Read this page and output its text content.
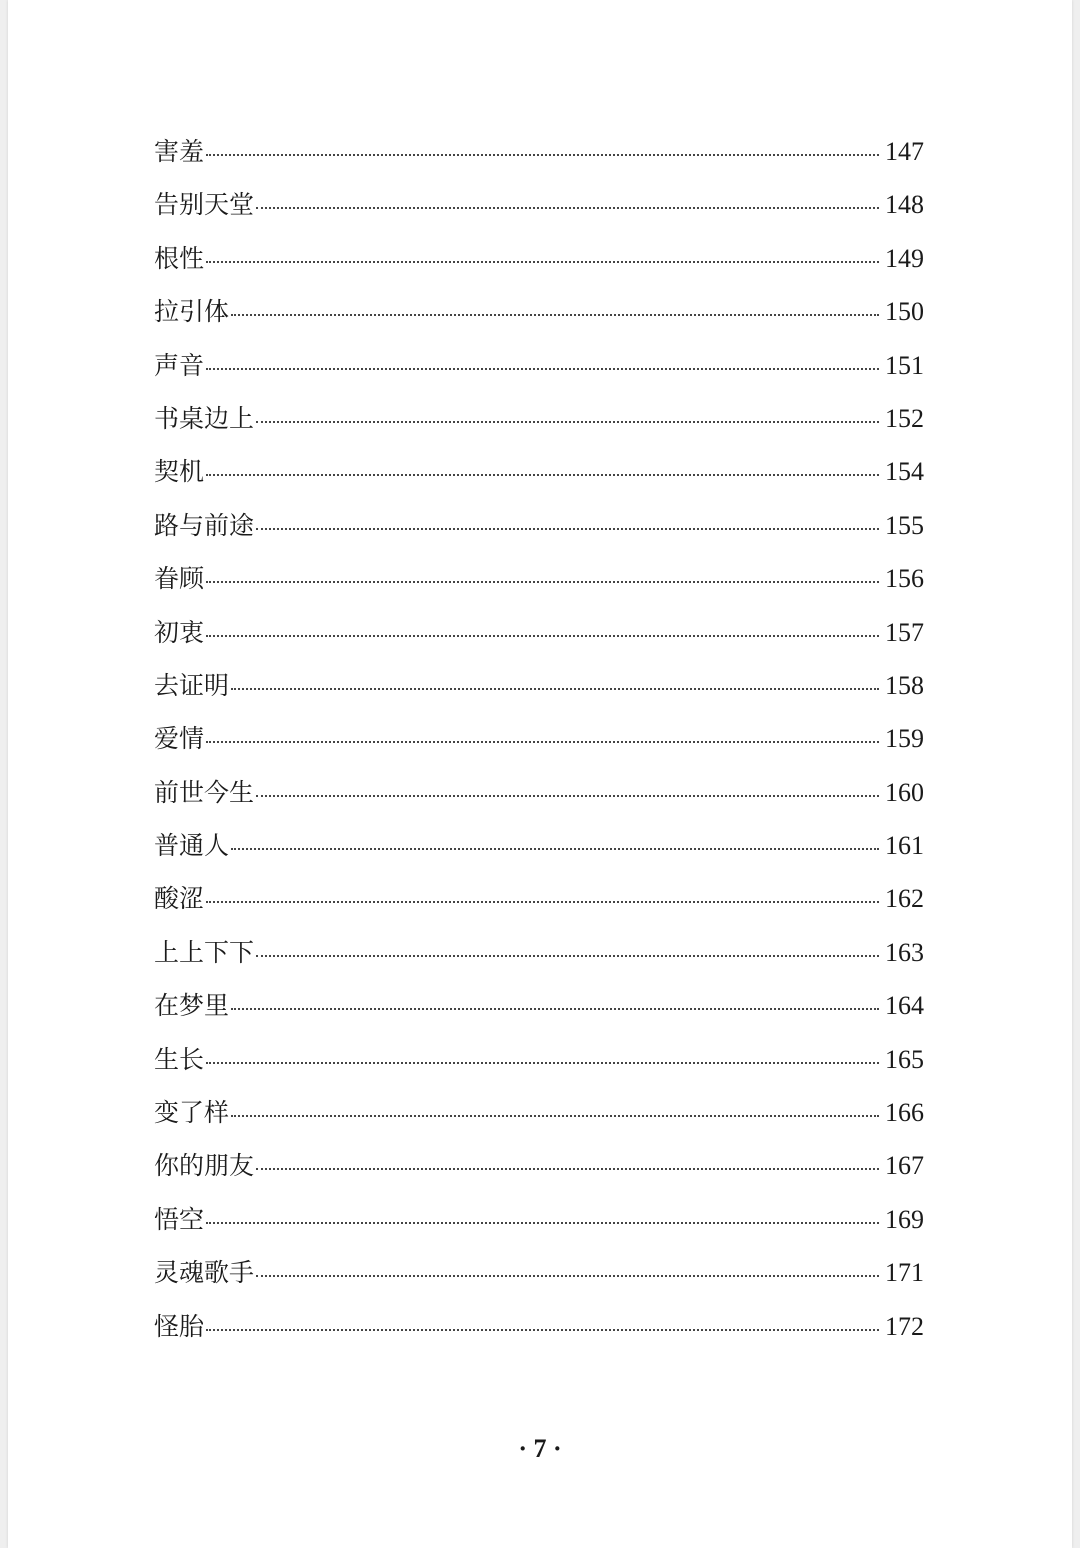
害羞	147
告别天堂	148
根性	149
拉引体	150
声音	151
书桌边上	152
契机	154
路与前途	155
眷顾	156
初衷	157
去证明	158
爱情	159
前世今生	160
普通人	161
酸涩	162
上上下下	163
在梦里	164
生长	165
变了样	166
你的朋友	167
悟空	169
灵魂歌手	171
怪胎	172
· 7 ·
